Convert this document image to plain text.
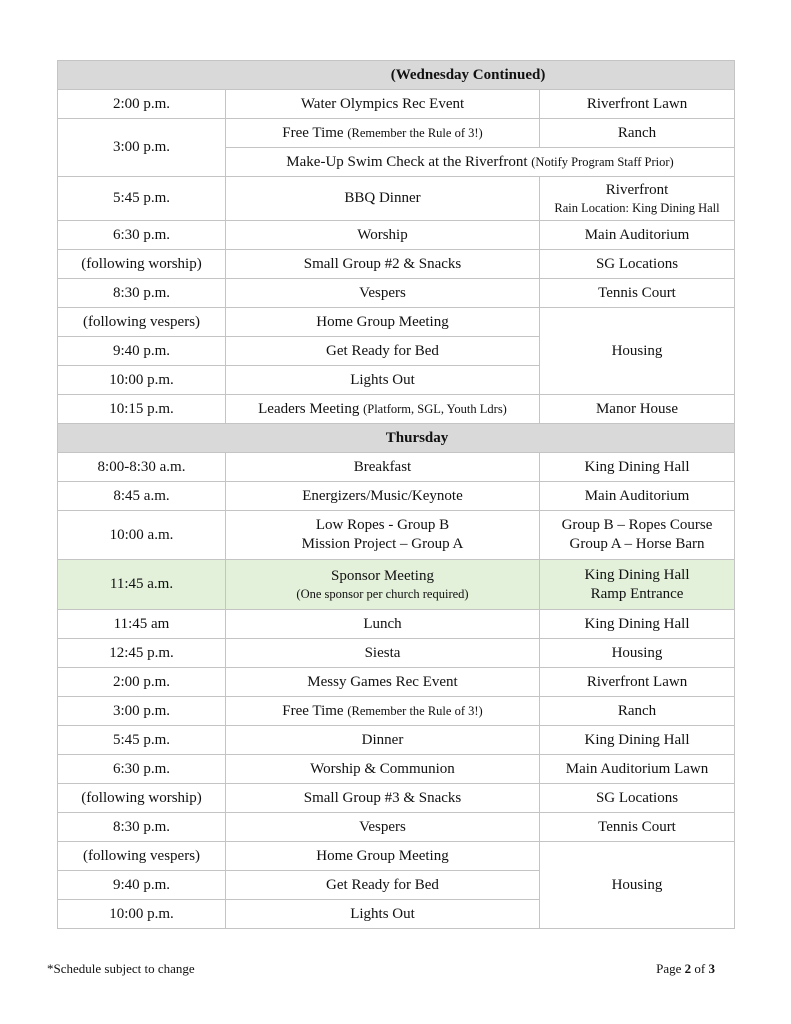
(Wednesday Continued)		
2:00 p.m.	Water Olympics Rec Event	Riverfront Lawn
3:00 p.m.	Free Time (Remember the Rule of 3!)	Ranch
	Make-Up Swim Check at the Riverfront (Notify Program Staff Prior)	
5:45 p.m.	BBQ Dinner	Riverfront
Rain Location: King Dining Hall

6:30 p.m.	Worship	Main Auditorium
(following worship)	Small Group #2 & Snacks	SG Locations
8:30 p.m.	Vespers	Tennis Court
(following vespers)	Home Group Meeting	Housing
9:40 p.m.	Get Ready for Bed	
10:00 p.m.	Lights Out	
10:15 p.m.	Leaders Meeting (Platform, SGL, Youth Ldrs)	Manor House
Thursday		
8:00-8:30 a.m.	Breakfast	King Dining Hall
8:45 a.m.	Energizers/Music/Keynote	Main Auditorium
10:00 a.m.	Low Ropes - Group B
Mission Project – Group A	Group B – Ropes Course
Group A – Horse Barn

11:45 a.m.	Sponsor Meeting
(One sponsor per church required)	King Dining Hall
Ramp Entrance

11:45 am	Lunch	King Dining Hall
12:45 p.m.	Siesta	Housing
2:00 p.m.	Messy Games Rec Event	Riverfront Lawn
3:00 p.m.	Free Time (Remember the Rule of 3!)	Ranch
5:45 p.m.	Dinner	King Dining Hall
6:30 p.m.	Worship & Communion	Main Auditorium Lawn
(following worship)	Small Group #3 & Snacks	SG Locations
8:30 p.m.	Vespers	Tennis Court
(following vespers)	Home Group Meeting	Housing
9:40 p.m.	Get Ready for Bed	
10:00 p.m.	Lights Out	
*Schedule subject to change	Page 2 of 3
